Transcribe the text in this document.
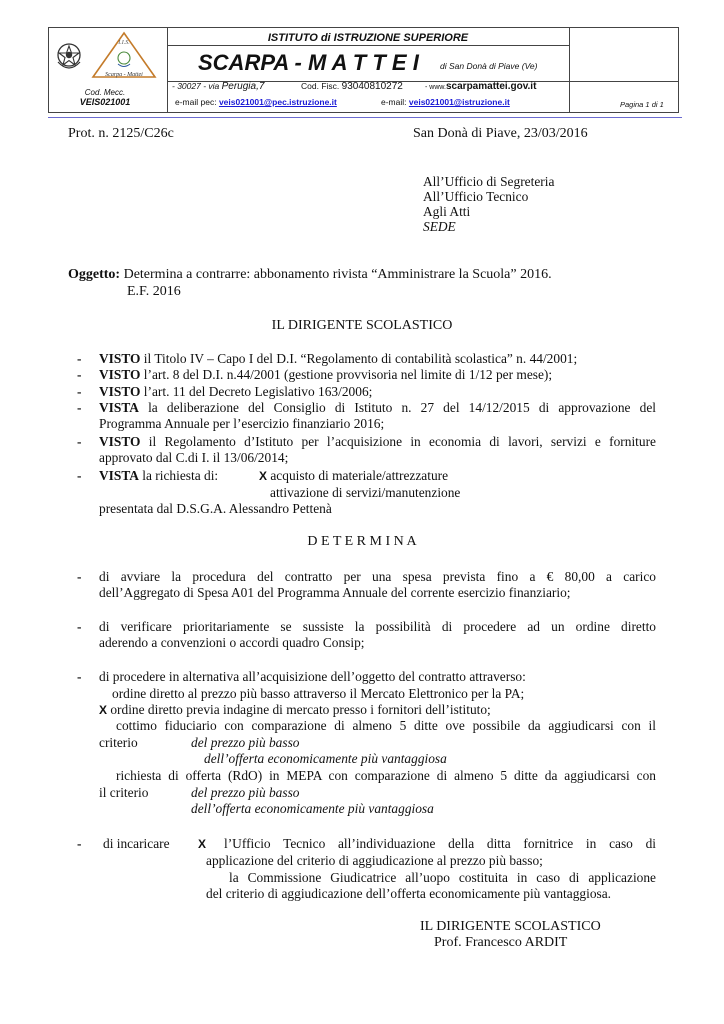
I.I.S.
Scarpa - Mattei
Cod. Mecc.
VEIS021001
ISTITUTO di ISTRUZIONE SUPERIORE
SCARPA - M A T T E I di San Donà di Piave (Ve)
- 30027 - via Perugia,7	Cod. Fisc. 93040810272	- www.scarpamattei.gov.it
e-mail pec: veis021001@pec.istruzione.it	e-mail: veis021001@istruzione.it	Pagina 1 di 1
Prot. n. 2125/C26c	San Donà di Piave, 23/03/2016
All’Ufficio di Segreteria
All’Ufficio Tecnico
Agli Atti
SEDE
Oggetto: Determina a contrarre: abbonamento rivista “Amministrare la Scuola” 2016.
E.F. 2016
IL DIRIGENTE SCOLASTICO
- VISTO il Titolo IV – Capo I del D.I. “Regolamento di contabilità scolastica” n. 44/2001;
- VISTO l’art. 8 del D.I. n.44/2001 (gestione provvisoria nel limite di 1/12 per mese);
- VISTO l’art. 11 del Decreto Legislativo 163/2006;
- VISTA la deliberazione del Consiglio di Istituto n. 27 del 14/12/2015 di approvazione del
Programma Annuale per l’esercizio finanziario 2016;
- VISTO il Regolamento d’Istituto per l’acquisizione in economia di lavori, servizi e forniture
approvato dal C.di I. il 13/06/2014;
- VISTA la richiesta di:	X acquisto di materiale/attrezzature
attivazione di servizi/manutenzione
presentata dal D.S.G.A. Alessandro Pettenà
D E T E R M I N A
- di avviare la procedura del contratto per una spesa prevista fino a € 80,00 a carico
dell’Aggregato di Spesa A01 del Programma Annuale del corrente esercizio finanziario;
- di verificare prioritariamente se sussiste la possibilità di procedere ad un ordine diretto
aderendo a convenzioni o accordi quadro Consip;
- di procedere in alternativa all’acquisizione dell’oggetto del contratto attraverso:
ordine diretto al prezzo più basso attraverso il Mercato Elettronico per la PA;
X ordine diretto previa indagine di mercato presso i fornitori dell’istituto;
cottimo fiduciario con comparazione di almeno 5 ditte ove possibile da aggiudicarsi con il
criterio	del prezzo più basso
dell’offerta economicamente più vantaggiosa
richiesta di offerta (RdO) in MEPA con comparazione di almeno 5 ditte da aggiudicarsi con
il criterio	del prezzo più basso
dell’offerta economicamente più vantaggiosa
- di incaricare X l’Ufficio Tecnico all’individuazione della ditta fornitrice in caso di
applicazione del criterio di aggiudicazione al prezzo più basso;
la Commissione Giudicatrice all’uopo costituita in caso di applicazione
del criterio di aggiudicazione dell’offerta economicamente più vantaggiosa.
IL DIRIGENTE SCOLASTICO
Prof. Francesco ARDIT
